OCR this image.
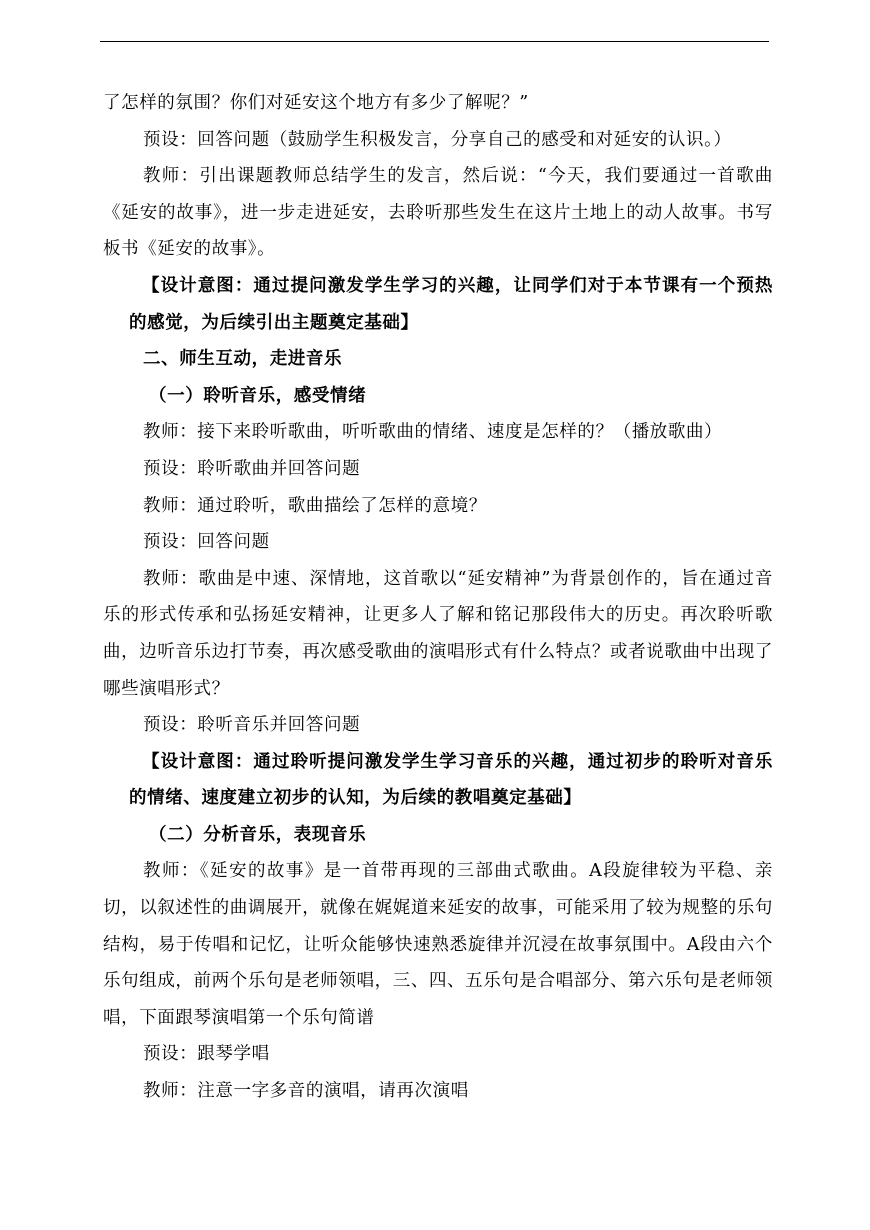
了怎样的氛围？你们对延安这个地方有多少了解呢？”

预设：回答问题（鼓励学生积极发言，分享自己的感受和对延安的认识。）

教师：引出课题教师总结学生的发言，然后说：“今天，我们要通过一首歌曲《延安的故事》，进一步走进延安，去聆听那些发生在这片土地上的动人故事。书写板书《延安的故事》。

【设计意图：通过提问激发学生学习的兴趣，让同学们对于本节课有一个预热的感觉，为后续引出主题奠定基础】

二、师生互动，走进音乐

（一）聆听音乐，感受情绪

教师：接下来聆听歌曲，听听歌曲的情绪、速度是怎样的？（播放歌曲）

预设：聆听歌曲并回答问题

教师：通过聆听，歌曲描绘了怎样的意境？

预设：回答问题

教师：歌曲是中速、深情地，这首歌以“延安精神”为背景创作的，旨在通过音乐的形式传承和弘扬延安精神，让更多人了解和铭记那段伟大的历史。再次聆听歌曲，边听音乐边打节奏，再次感受歌曲的演唱形式有什么特点？或者说歌曲中出现了哪些演唱形式？

预设：聆听音乐并回答问题

【设计意图：通过聆听提问激发学生学习音乐的兴趣，通过初步的聆听对音乐的情绪、速度建立初步的认知，为后续的教唱奠定基础】

（二）分析音乐，表现音乐

教师：《延安的故事》是一首带再现的三部曲式歌曲。A段旋律较为平稳、亲切，以叙述性的曲调展开，就像在娓娓道来延安的故事，可能采用了较为规整的乐句结构，易于传唱和记忆，让听众能够快速熟悉旋律并沉浸在故事氛围中。A段由六个乐句组成，前两个乐句是老师领唱，三、四、五乐句是合唱部分、第六乐句是老师领唱，下面跟琴演唱第一个乐句简谱

预设：跟琴学唱

教师：注意一字多音的演唱，请再次演唱
